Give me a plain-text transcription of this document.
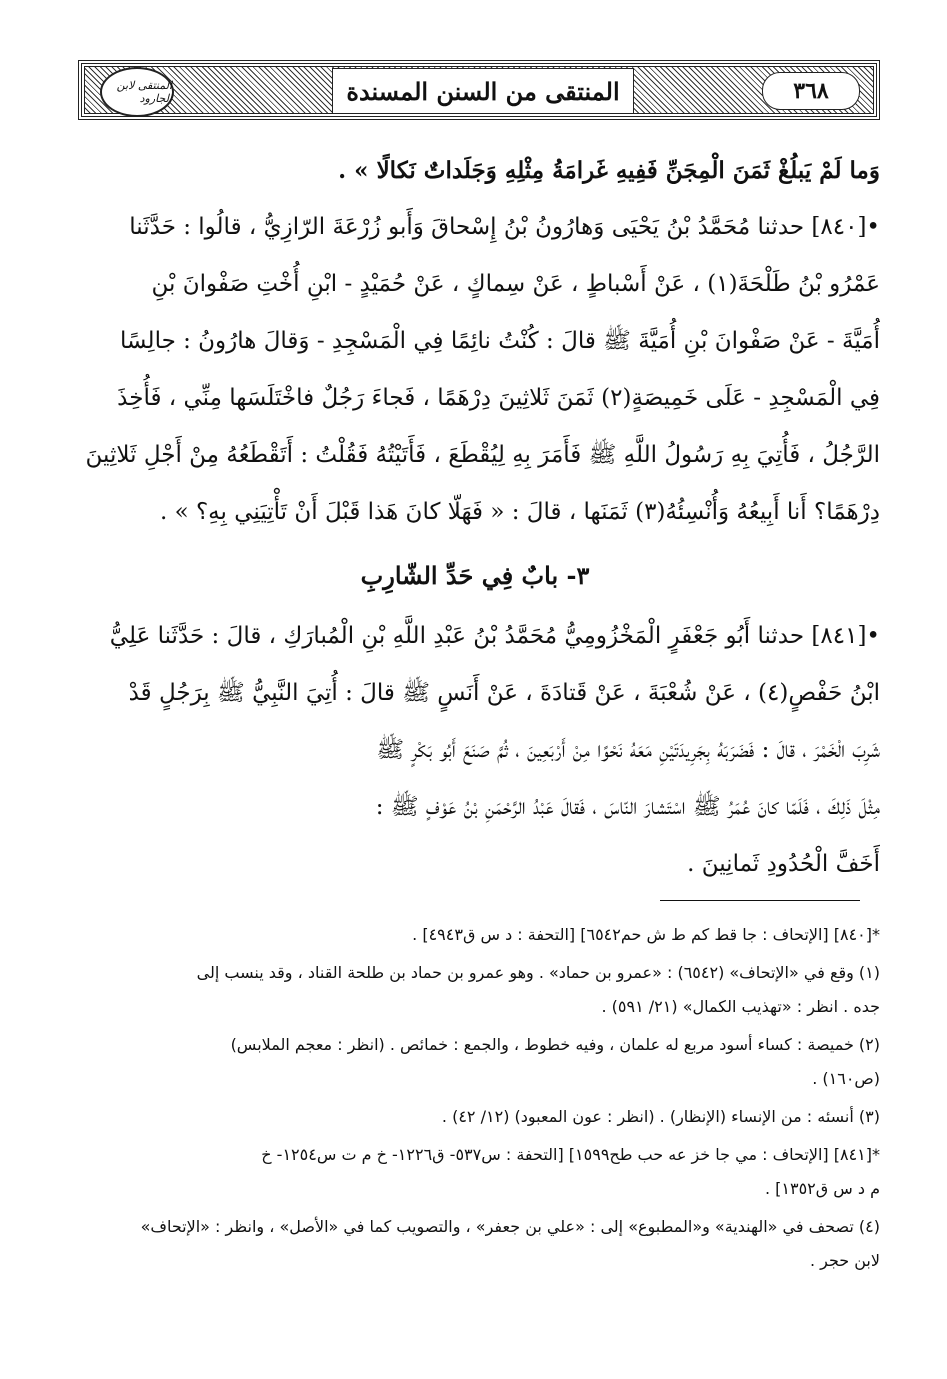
٣٦٨
المنتقى من السنن المسندة
المنتقى لابن الجارود
وَما لَمْ يَبلُغْ ثَمَنَ الْمِجَنِّ فَفِيهِ غَرامَةُ مِثْلِهِ وَجَلَداتٌ نَكالًا » .
•[٨٤٠] حدثنا مُحَمَّدُ بْنُ يَحْيَى وَهارُونُ بْنُ إِسْحاقَ وَأَبو زُرْعَةَ الرّازِيُّ ، قالُوا : حَدَّثَنا
عَمْرُو بْنُ طَلْحَةَ(١) ، عَنْ أَسْباطٍ ، عَنْ سِماكٍ ، عَنْ حُمَيْدٍ - ابْنِ أُخْتِ صَفْوانَ بْنِ
أُمَيَّةَ - عَنْ صَفْوانَ بْنِ أُمَيَّةَ ﷺ قالَ : كُنْتُ نائِمًا فِي الْمَسْجِدِ - وَقالَ هارُونُ : جالِسًا
فِي الْمَسْجِدِ - عَلَى خَمِيصَةٍ(٢) ثَمَنَ ثَلاثِينَ دِرْهَمًا ، فَجاءَ رَجُلٌ فاخْتَلَسَها مِنِّي ، فَأُخِذَ
الرَّجُلُ ، فَأُتِيَ بِهِ رَسُولُ اللَّهِ ﷺ فَأَمَرَ بِهِ لِيُقْطَعَ ، فَأَتَيْتُهُ فَقُلْتُ : أَتَقْطَعُهُ مِنْ أَجْلِ ثَلاثِينَ
دِرْهَمًا؟ أَنا أَبِيعُهُ وَأُنْسِئُهُ(٣) ثَمَنَها ، قالَ : « فَهَلّا كانَ هَذا قَبْلَ أَنْ تَأْتِيَنِي بِهِ؟ » .
٣- بابٌ فِي حَدِّ الشّارِبِ
•[٨٤١] حدثنا أَبُو جَعْفَرٍ الْمَخْزُومِيُّ مُحَمَّدُ بْنُ عَبْدِ اللَّهِ بْنِ الْمُبارَكِ ، قالَ : حَدَّثَنا عَلِيُّ
ابْنُ حَفْصٍ(٤) ، عَنْ شُعْبَةَ ، عَنْ قَتادَةَ ، عَنْ أَنَسٍ ﷺ قالَ : أُتِيَ النَّبِيُّ ﷺ بِرَجُلٍ قَدْ
شَرِبَ الْخَمْرَ ، قالَ : فَضَرَبَهُ بِجَرِيدَتَيْنِ مَعَهُ نَحْوًا مِنْ أَرْبَعِينَ ، ثُمَّ صَنَعَ أَبُو بَكْرٍ ﷺ
مِثْلَ ذَلِكَ ، فَلَمّا كانَ عُمَرُ ﷺ اسْتَشارَ النّاسَ ، فَقالَ عَبْدُ الرَّحْمَنِ بْنُ عَوْفٍ ﷺ :
أَخَفَّ الْحُدُودِ ثَمانِينَ .
*[٨٤٠] [الإتحاف : جا قط كم ط ش حم٦٥٤٢] [التحفة : د س ق٤٩٤٣] .
(١) وقع في «الإتحاف» (٦٥٤٢) : «عمرو بن حماد» . وهو عمرو بن حماد بن طلحة القناد ، وقد ينسب إلى
جده . انظر : «تهذيب الكمال» (٢١/ ٥٩١) .
(٢) خميصة : كساء أسود مربع له علمان ، وفيه خطوط ، والجمع : خمائص . (انظر : معجم الملابس)
(ص١٦٠) .
(٣) أنسئه : من الإنساء (الإنظار) . (انظر : عون المعبود) (١٢/ ٤٢) .
*[٨٤١] [الإتحاف : مي جا خز عه حب طح١٥٩٩] [التحفة : س٥٣٧- ق١٢٢٦- خ م ت س١٢٥٤- خ
م د س ق١٣٥٢] .
(٤) تصحف في «الهندية» و«المطبوع» إلى : «علي بن جعفر» ، والتصويب كما في «الأصل» ، وانظر : «الإتحاف»
لابن حجر .
